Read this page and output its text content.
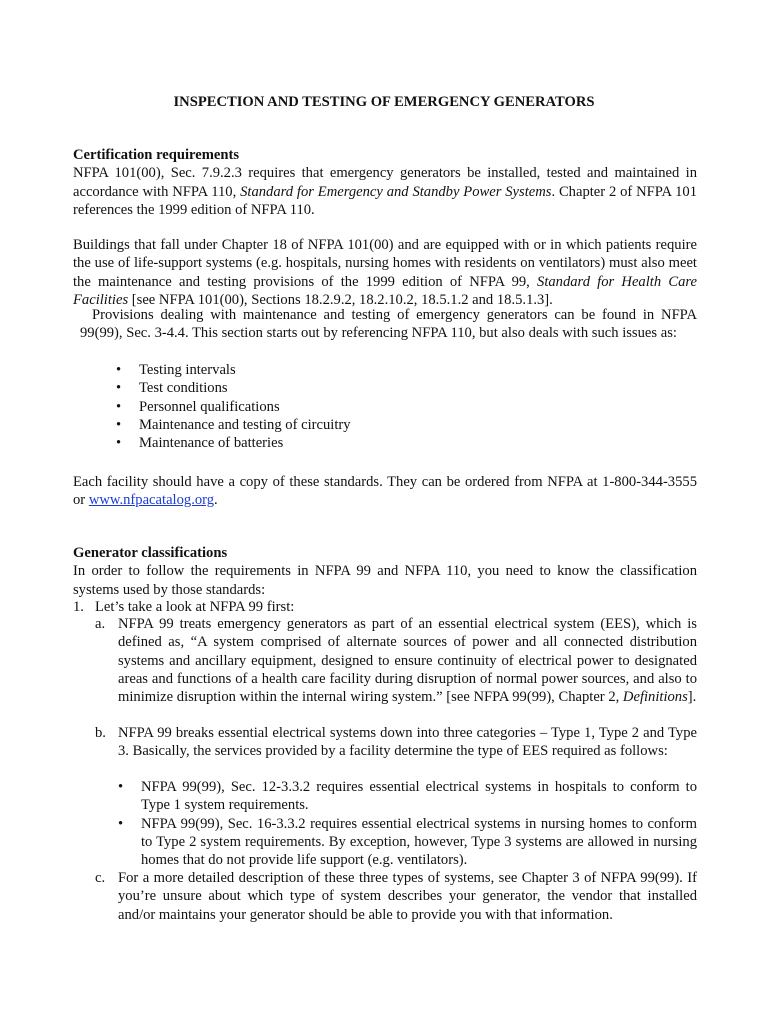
INSPECTION AND TESTING OF EMERGENCY GENERATORS
Certification requirements
NFPA 101(00), Sec. 7.9.2.3 requires that emergency generators be installed, tested and maintained in accordance with NFPA 110, Standard for Emergency and Standby Power Systems. Chapter 2 of NFPA 101 references the 1999 edition of NFPA 110.
Buildings that fall under Chapter 18 of NFPA 101(00) and are equipped with or in which patients require the use of life-support systems (e.g. hospitals, nursing homes with residents on ventilators) must also meet the maintenance and testing provisions of the 1999 edition of NFPA 99, Standard for Health Care Facilities [see NFPA 101(00), Sections 18.2.9.2, 18.2.10.2, 18.5.1.2 and 18.5.1.3].
Provisions dealing with maintenance and testing of emergency generators can be found in NFPA 99(99), Sec. 3-4.4. This section starts out by referencing NFPA 110, but also deals with such issues as:
• Testing intervals
• Test conditions
• Personnel qualifications
• Maintenance and testing of circuitry
• Maintenance of batteries
Each facility should have a copy of these standards. They can be ordered from NFPA at 1-800-344-3555 or www.nfpacatalog.org.
Generator classifications
In order to follow the requirements in NFPA 99 and NFPA 110, you need to know the classification systems used by those standards:
1. Let’s take a look at NFPA 99 first:
a. NFPA 99 treats emergency generators as part of an essential electrical system (EES), which is defined as, “A system comprised of alternate sources of power and all connected distribution systems and ancillary equipment, designed to ensure continuity of electrical power to designated areas and functions of a health care facility during disruption of normal power sources, and also to minimize disruption within the internal wiring system.” [see NFPA 99(99), Chapter 2, Definitions].
b. NFPA 99 breaks essential electrical systems down into three categories – Type 1, Type 2 and Type 3. Basically, the services provided by a facility determine the type of EES required as follows:
• NFPA 99(99), Sec. 12-3.3.2 requires essential electrical systems in hospitals to conform to Type 1 system requirements.
• NFPA 99(99), Sec. 16-3.3.2 requires essential electrical systems in nursing homes to conform to Type 2 system requirements. By exception, however, Type 3 systems are allowed in nursing homes that do not provide life support (e.g. ventilators).
c. For a more detailed description of these three types of systems, see Chapter 3 of NFPA 99(99). If you’re unsure about which type of system describes your generator, the vendor that installed and/or maintains your generator should be able to provide you with that information.
